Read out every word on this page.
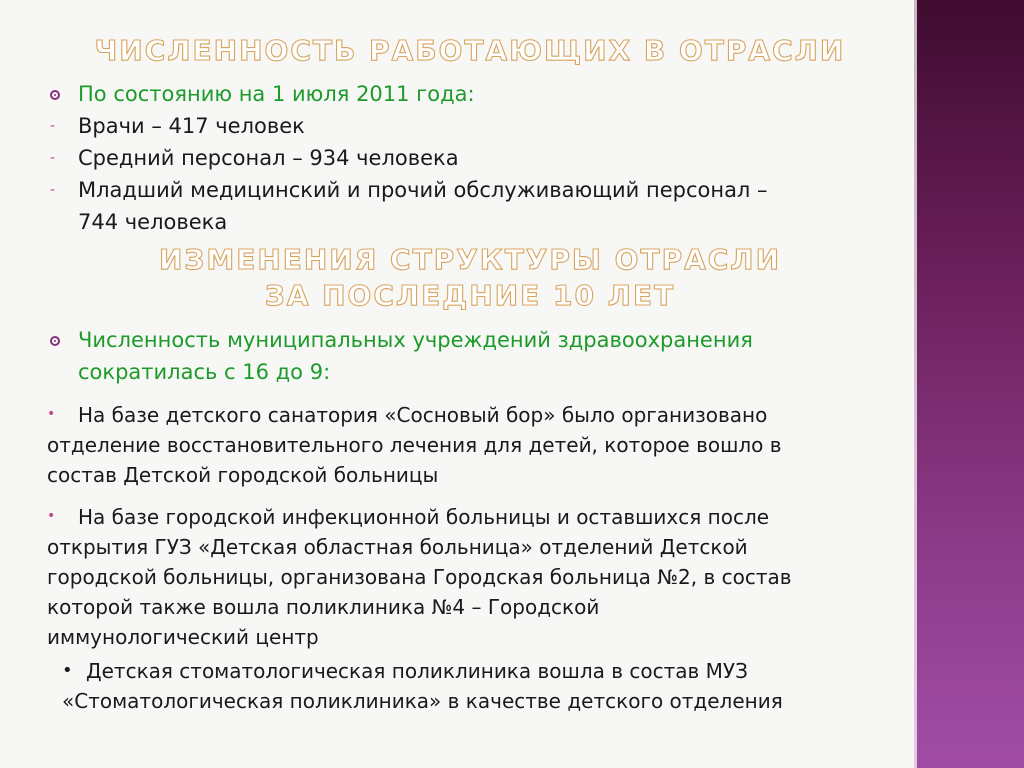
ЧИСЛЕННОСТЬ РАБОТАЮЩИХ В ОТРАСЛИ
По состоянию на 1 июля 2011 года:
- Врачи – 417 человек
- Средний персонал – 934 человека
- Младший медицинский и прочий обслуживающий персонал –
744 человека
ИЗМЕНЕНИЯ СТРУКТУРЫ ОТРАСЛИ
ЗА ПОСЛЕДНИЕ 10 ЛЕТ
Численность муниципальных учреждений здравоохранения
сократилась с 16 до 9:
• На базе детского санатория «Сосновый бор» было организовано
отделение восстановительного лечения для детей, которое вошло в
состав Детской городской больницы
• На базе городской инфекционной больницы и оставшихся после
открытия ГУЗ «Детская областная больница» отделений Детской
городской больницы, организована Городская больница №2, в состав
которой также вошла поликлиника №4 – Городской
иммунологический центр
• Детская стоматологическая поликлиника вошла в состав МУЗ
«Стоматологическая поликлиника» в качестве детского отделения
